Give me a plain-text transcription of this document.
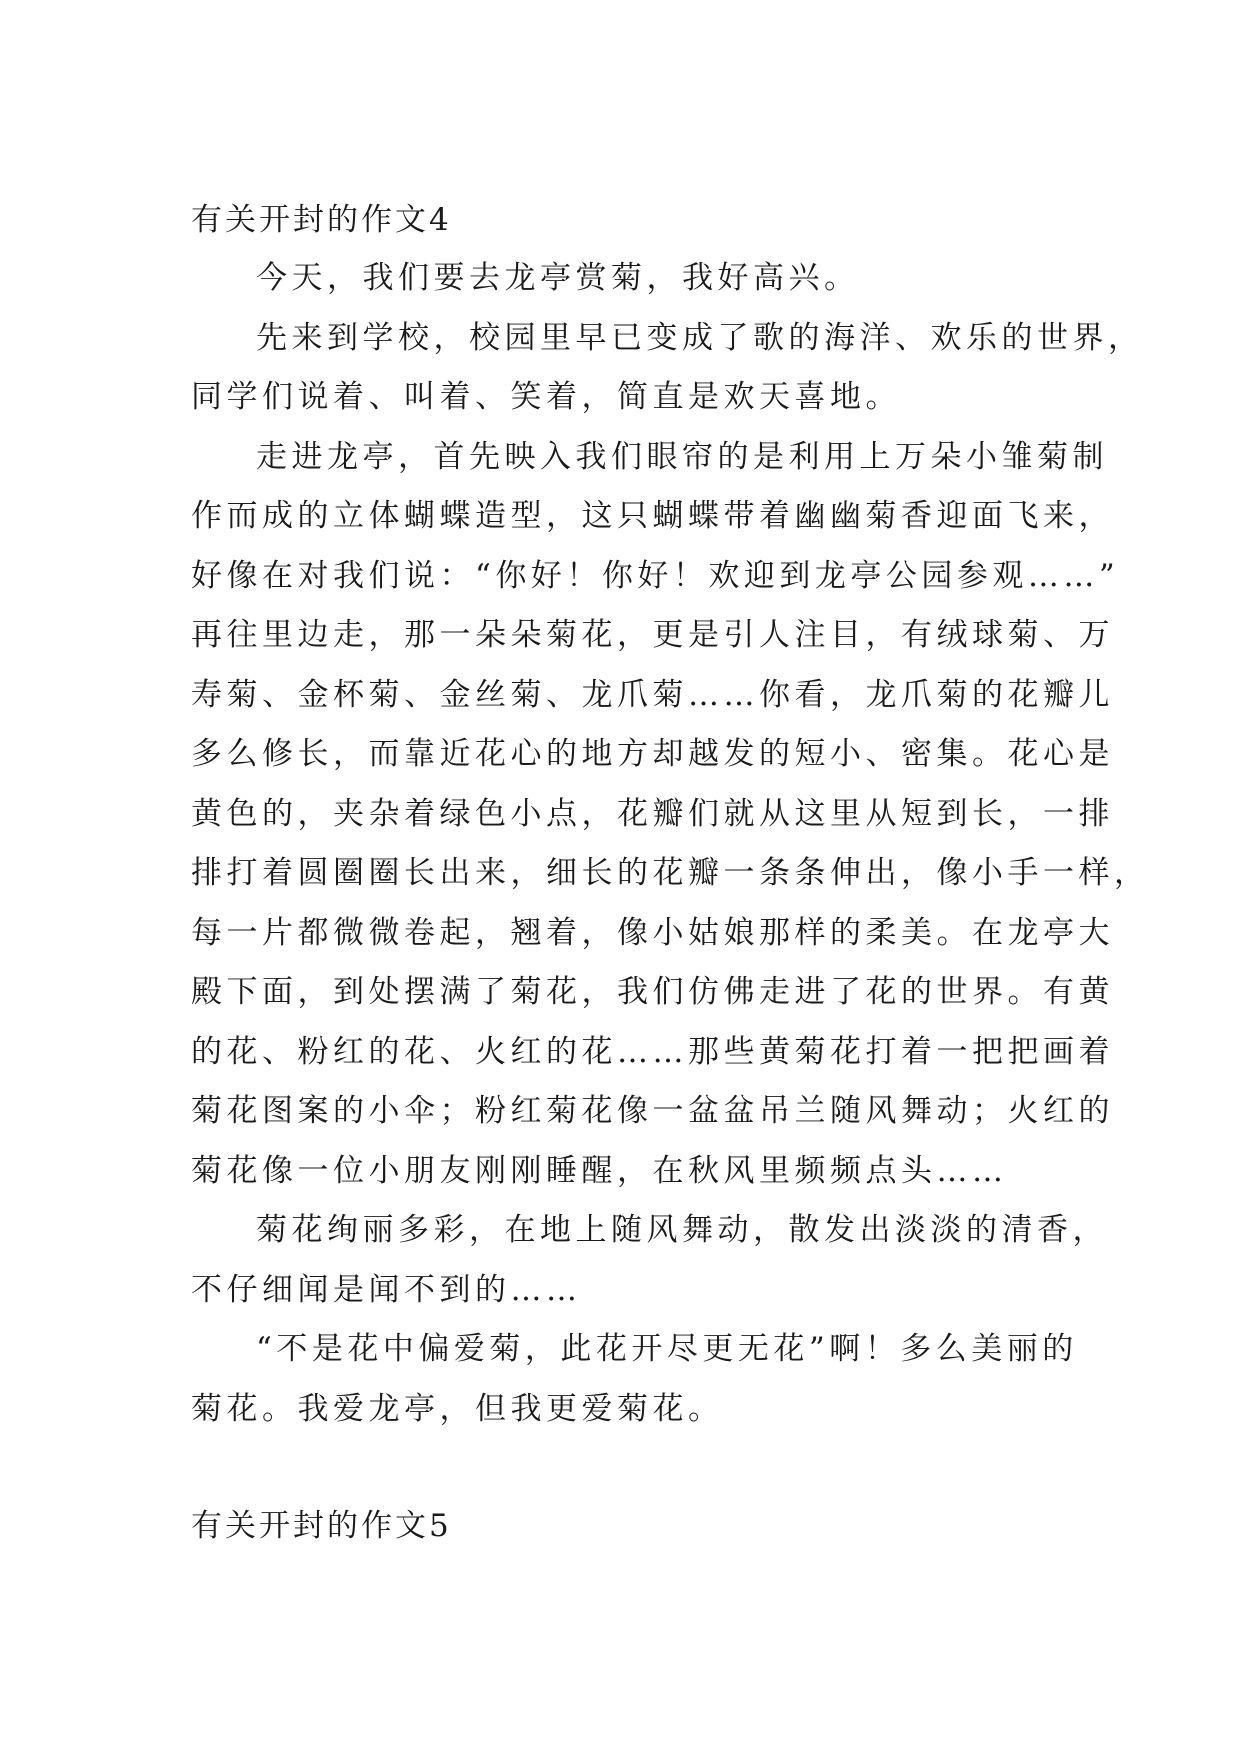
有关开封的作文4

今天，我们要去龙亭赏菊，我好高兴。

先来到学校，校园里早已变成了歌的海洋、欢乐的世界，

同学们说着、叫着、笑着，简直是欢天喜地。

走进龙亭，首先映入我们眼帘的是利用上万朵小雏菊制

作而成的立体蝴蝶造型，这只蝴蝶带着幽幽菊香迎面飞来，

好像在对我们说：“你好！你好！欢迎到龙亭公园参观……”

再往里边走，那一朵朵菊花，更是引人注目，有绒球菊、万

寿菊、金杯菊、金丝菊、龙爪菊……你看，龙爪菊的花瓣儿

多么修长，而靠近花心的地方却越发的短小、密集。花心是

黄色的，夹杂着绿色小点，花瓣们就从这里从短到长，一排

排打着圆圈圈长出来，细长的花瓣一条条伸出，像小手一样，

每一片都微微卷起，翘着，像小姑娘那样的柔美。在龙亭大

殿下面，到处摆满了菊花，我们仿佛走进了花的世界。有黄

的花、粉红的花、火红的花……那些黄菊花打着一把把画着

菊花图案的小伞；粉红菊花像一盆盆吊兰随风舞动；火红的

菊花像一位小朋友刚刚睡醒，在秋风里频频点头……

菊花绚丽多彩，在地上随风舞动，散发出淡淡的清香，

不仔细闻是闻不到的……

“不是花中偏爱菊，此花开尽更无花”啊！多么美丽的

菊花。我爱龙亭，但我更爱菊花。

有关开封的作文5
